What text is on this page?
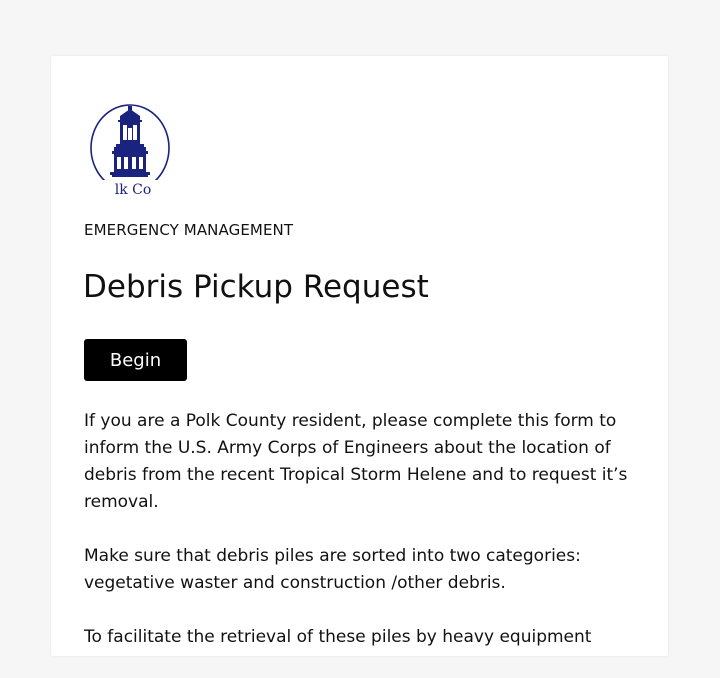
lk Co
EMERGENCY MANAGEMENT
Debris Pickup Request
Begin

If you are a Polk County resident, please complete this form to inform the U.S. Army Corps of Engineers about the location of debris from the recent Tropical Storm Helene and to request it’s removal.

Make sure that debris piles are sorted into two categories: vegetative waster and construction /other debris.

To facilitate the retrieval of these piles by heavy equipment
